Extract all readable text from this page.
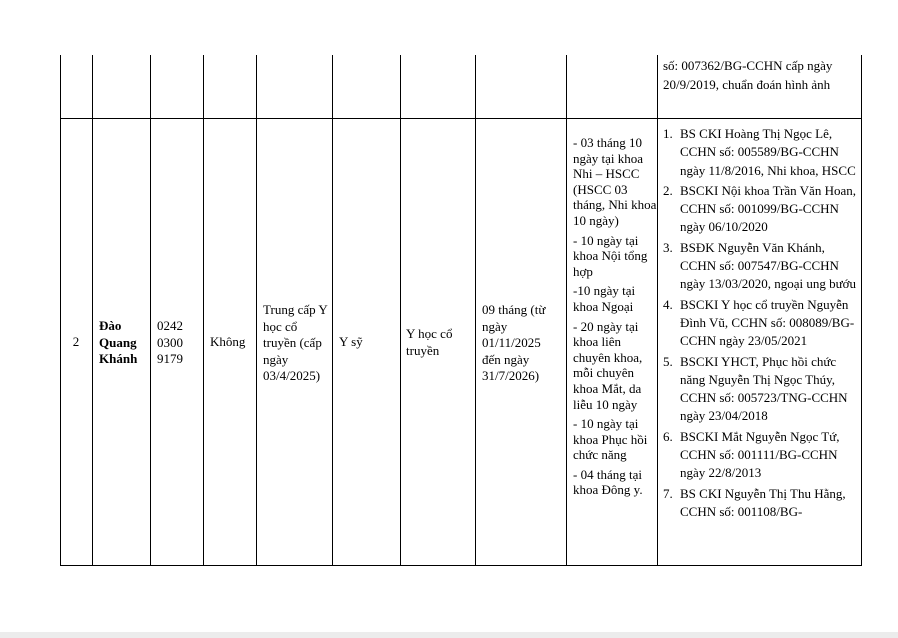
số: 007362/BG-CCHN cấp ngày 20/9/2019, chuẩn đoán hình ảnh
2
Đào Quang Khánh
0242 0300 9179
Không
Trung cấp Y học cổ truyền (cấp ngày 03/4/2025)
Y sỹ
Y học cổ truyền
09 tháng (từ ngày 01/11/2025 đến ngày 31/7/2026)

- 03 tháng 10 ngày tại khoa Nhi – HSCC (HSCC 03 tháng, Nhi khoa 10 ngày)

- 10 ngày tại khoa Nội tổng hợp

-10 ngày tại khoa Ngoại

- 20 ngày tại khoa liên chuyên khoa, mỗi chuyên khoa Mắt, da liễu 10 ngày

- 10 ngày tại khoa Phục hồi chức năng

- 04 tháng tại khoa Đông y.

1. BS CKI Hoàng Thị Ngọc Lê, CCHN số: 005589/BG-CCHN ngày 11/8/2016, Nhi khoa, HSCC
2. BSCKI Nội khoa Trần Văn Hoan, CCHN số: 001099/BG-CCHN ngày 06/10/2020
3. BSĐK Nguyễn Văn Khánh, CCHN số: 007547/BG-CCHN ngày 13/03/2020, ngoại ung bướu
4. BSCKI Y học cổ truyền Nguyễn Đình Vũ, CCHN số: 008089/BG-CCHN ngày 23/05/2021
5. BSCKI YHCT, Phục hồi chức năng Nguyễn Thị Ngọc Thúy, CCHN số: 005723/TNG-CCHN ngày 23/04/2018
6. BSCKI Mắt Nguyễn Ngọc Tứ, CCHN số: 001111/BG-CCHN ngày 22/8/2013
7. BS CKI Nguyễn Thị Thu Hằng, CCHN số: 001108/BG-
